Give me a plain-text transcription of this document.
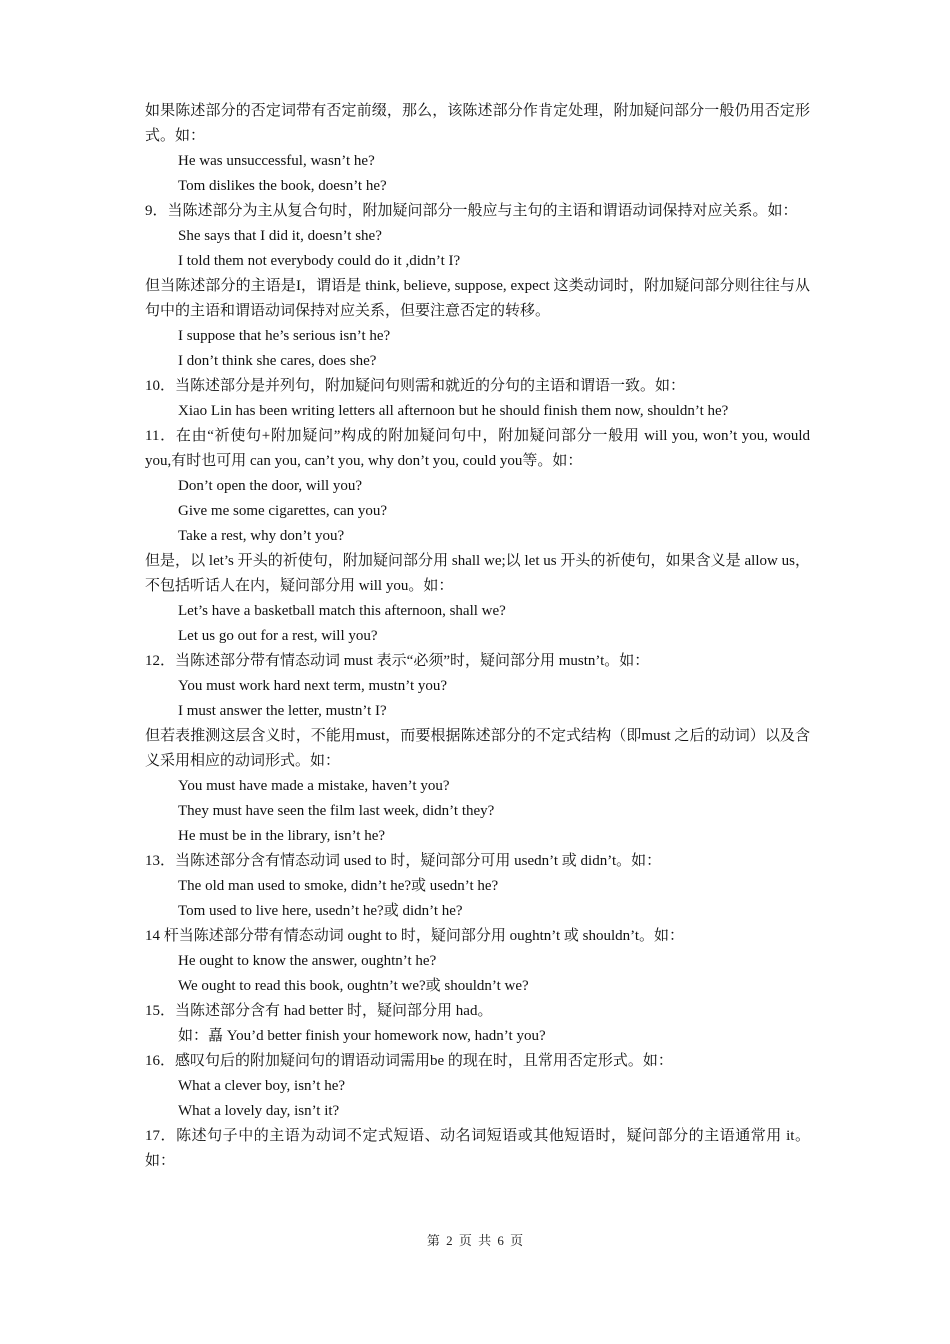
如果陈述部分的否定词带有否定前缀，那么，该陈述部分作肯定处理，附加疑问部分一般仍用否定形式。如：

He was unsuccessful, wasn’t he?

Tom dislikes the book, doesn’t he?

9．当陈述部分为主从复合句时，附加疑问部分一般应与主句的主语和谓语动词保持对应关系。如：

She says that I did it, doesn’t she?

I told them not everybody could do it ,didn’t I?

但当陈述部分的主语是I，谓语是 think, believe, suppose, expect 这类动词时，附加疑问部分则往往与从句中的主语和谓语动词保持对应关系，但要注意否定的转移。

I suppose that he’s serious isn’t he?

I don’t think she cares, does she?

10．当陈述部分是并列句，附加疑问句则需和就近的分句的主语和谓语一致。如：

Xiao Lin has been writing letters all afternoon but he should finish them now, shouldn’t he?

11．在由“祈使句+附加疑问”构成的附加疑问句中，附加疑问部分一般用 will you, won’t you, would you,有时也可用 can you, can’t you, why don’t you, could you等。如：

Don’t open the door, will you?

Give me some cigarettes, can you?

Take a rest, why don’t you?

但是，以 let’s 开头的祈使句，附加疑问部分用 shall we;以 let us 开头的祈使句，如果含义是 allow us，不包括听话人在内，疑问部分用 will you。如：

Let’s have a basketball match this afternoon, shall we?

Let us go out for a rest, will you?

12．当陈述部分带有情态动词 must 表示“必须”时，疑问部分用 mustn’t。如：

You must work hard next term, mustn’t you?

I must answer the letter, mustn’t I?

但若表推测这层含义时，不能用must，而要根据陈述部分的不定式结构（即must 之后的动词）以及含义采用相应的动词形式。如：

You must have made a mistake, haven’t you?

They must have seen the film last week, didn’t they?

He must be in the library, isn’t he?

13．当陈述部分含有情态动词 used to 时，疑问部分可用 usedn’t 或 didn’t。如：

The old man used to smoke, didn’t he?或 usedn’t he?

Tom used to live here, usedn’t he?或 didn’t he?

14 杆当陈述部分带有情态动词 ought to 时，疑问部分用 oughtn’t 或 shouldn’t。如：

He ought to know the answer, oughtn’t he?

We ought to read this book, oughtn’t we?或 shouldn’t we?

15．当陈述部分含有 had better 时，疑问部分用 had。

如：嚞 You’d better finish your homework now, hadn’t you?

16．感叹句后的附加疑问句的谓语动词需用be 的现在时，且常用否定形式。如：

What a clever boy, isn’t he?

What a lovely day, isn’t it?

17．陈述句子中的主语为动词不定式短语、动名词短语或其他短语时，疑问部分的主语通常用 it。如：

第 2 页 共 6 页
